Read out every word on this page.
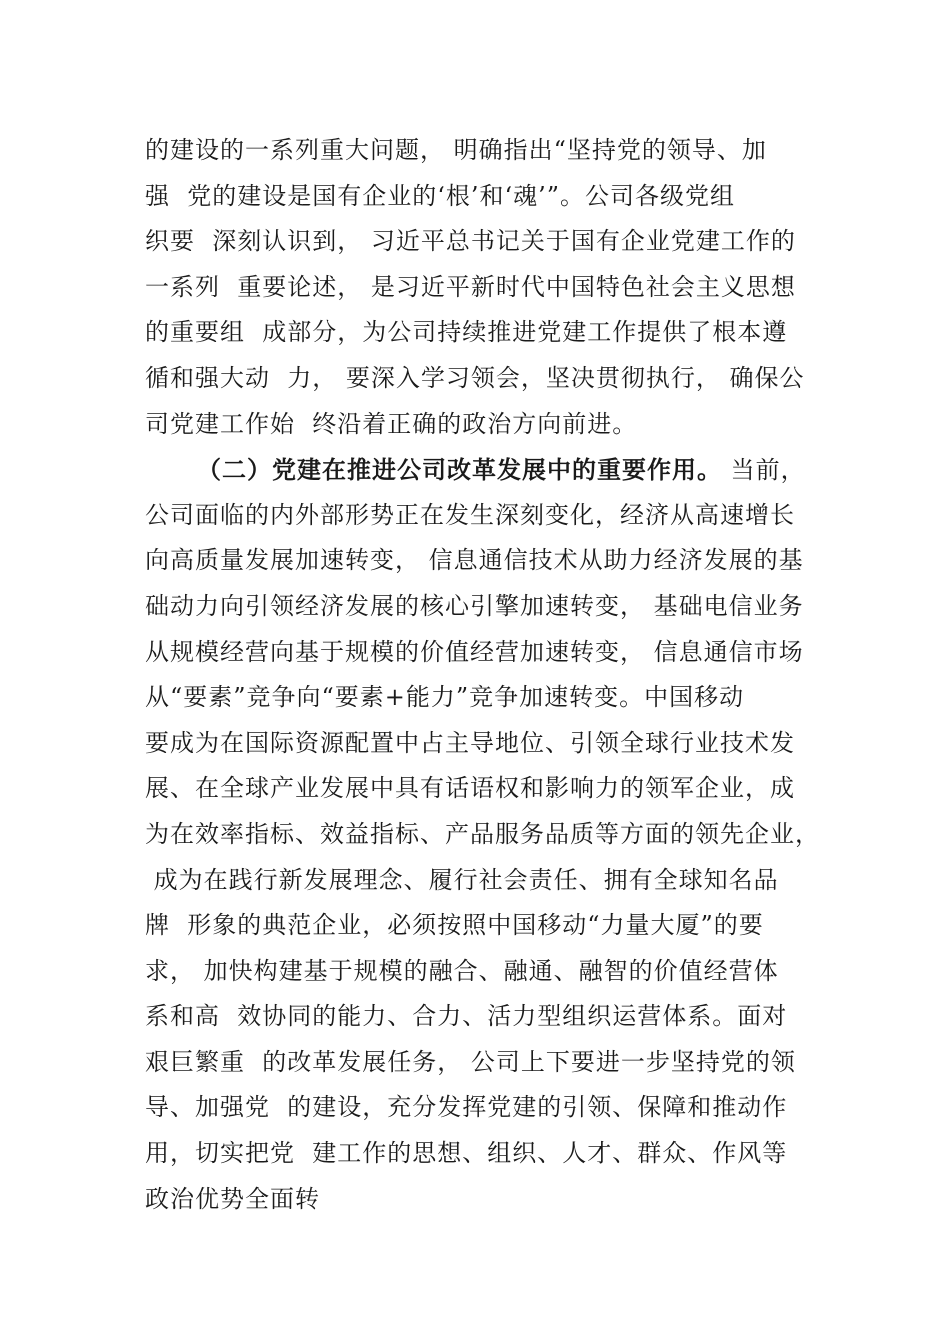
的建设的一系列重大问题， 明确指出“坚持党的领导、加
强  党的建设是国有企业的‘根’和‘魂’”。公司各级党组
织要  深刻认识到， 习近平总书记关于国有企业党建工作的
一系列  重要论述， 是习近平新时代中国特色社会主义思想
的重要组  成部分，为公司持续推进党建工作提供了根本遵
循和强大动  力， 要深入学习领会，坚决贯彻执行， 确保公
司党建工作始  终沿着正确的政治方向前进。
（二）党建在推进公司改革发展中的重要作用。 当前，
公司面临的内外部形势正在发生深刻变化，经济从高速增长
向高质量发展加速转变， 信息通信技术从助力经济发展的基
础动力向引领经济发展的核心引擎加速转变， 基础电信业务
从规模经营向基于规模的价值经营加速转变， 信息通信市场
从“要素”竞争向“要素+能力”竞争加速转变。中国移动
要成为在国际资源配置中占主导地位、引领全球行业技术发
展、在全球产业发展中具有话语权和影响力的领军企业，成
为在效率指标、效益指标、产品服务品质等方面的领先企业，
成为在践行新发展理念、履行社会责任、拥有全球知名品
牌  形象的典范企业，必须按照中国移动“力量大厦”的要
求， 加快构建基于规模的融合、融通、融智的价值经营体
系和高  效协同的能力、合力、活力型组织运营体系。面对
艰巨繁重  的改革发展任务， 公司上下要进一步坚持党的领
导、加强党  的建设，充分发挥党建的引领、保障和推动作
用，切实把党  建工作的思想、组织、人才、群众、作风等
政治优势全面转
